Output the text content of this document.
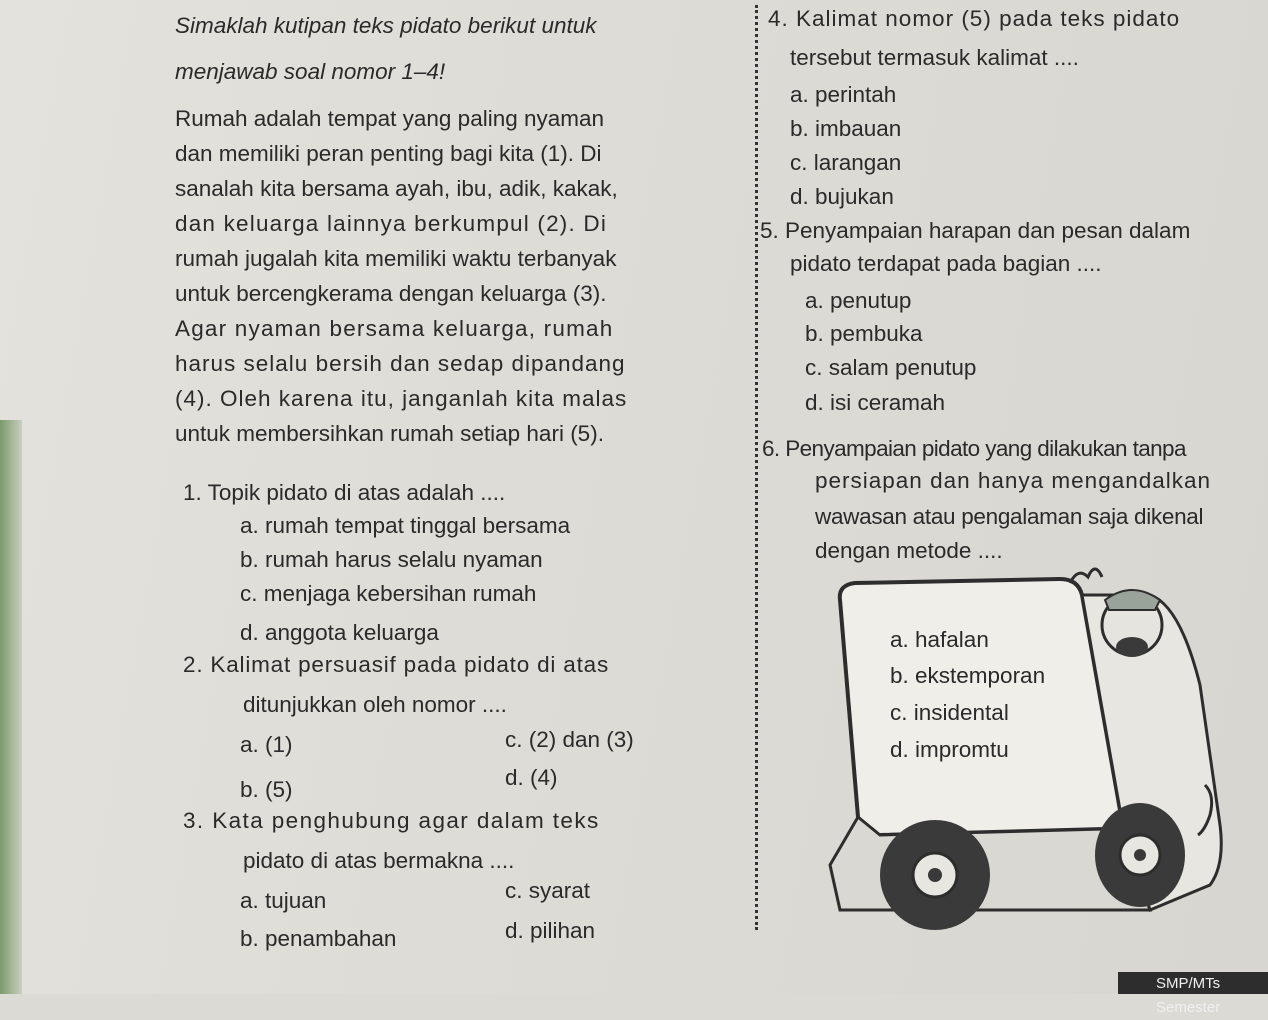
Simaklah kutipan teks pidato berikut untuk
menjawab soal nomor 1–4!
Rumah adalah tempat yang paling nyaman
dan memiliki peran penting bagi kita (1). Di
sanalah kita bersama ayah, ibu, adik, kakak,
dan keluarga lainnya berkumpul (2). Di
rumah jugalah kita memiliki waktu terbanyak
untuk bercengkerama dengan keluarga (3).
Agar nyaman bersama keluarga, rumah
harus selalu bersih dan sedap dipandang
(4). Oleh karena itu, janganlah kita malas
untuk membersihkan rumah setiap hari (5).
1. Topik pidato di atas adalah ....
a. rumah tempat tinggal bersama
b. rumah harus selalu nyaman
c. menjaga kebersihan rumah
d. anggota keluarga
2. Kalimat persuasif pada pidato di atas
ditunjukkan oleh nomor ....
a. (1)	c. (2) dan (3)
b. (5)	d. (4)
3. Kata penghubung agar dalam teks
pidato di atas bermakna ....
a. tujuan	c. syarat
b. penambahan	d. pilihan
4. Kalimat nomor (5) pada teks pidato
tersebut termasuk kalimat ....
a. perintah
b. imbauan
c. larangan
d. bujukan
5. Penyampaian harapan dan pesan dalam
pidato terdapat pada bagian ....
a. penutup
b. pembuka
c. salam penutup
d. isi ceramah
6. Penyampaian pidato yang dilakukan tanpa
persiapan dan hanya mengandalkan
wawasan atau pengalaman saja dikenal
dengan metode ....
a. hafalan
b. ekstemporan
c. insidental
d. impromtu
SMP/MTs Semester
